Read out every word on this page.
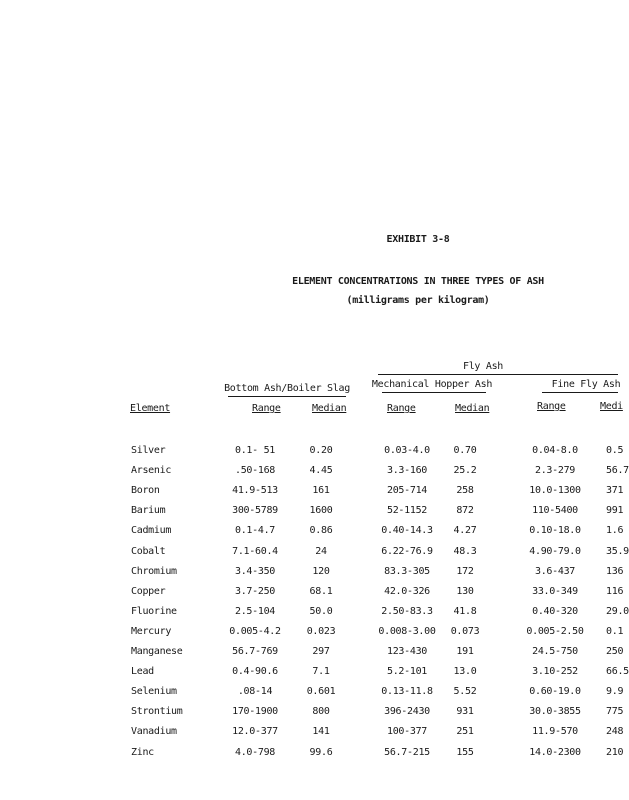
EXHIBIT 3-8
ELEMENT CONCENTRATIONS IN THREE TYPES OF ASH
(milligrams per kilogram)
Fly Ash
Bottom Ash/Boiler Slag Mechanical Hopper Ash	Fine Fly Ash
Element	Range	Median	Range	Median	Range	Medi
Silver	0.1- 51	0.20	0.03-4.0 0.70	0.04-8.0	0.5
Arsenic	.50-168	4.45	3.3-160	25.2	2.3-279	56.7
Boron	41.9-513	161	205-714	258	10.0-1300	371
Barium	300-5789	1600	52-1152	872	110-5400	991
Cadmium	0.1-4.7	0.86	0.40-14.3 4.27	0.10-18.0	1.6
Cobalt	7.1-60.4	24	6.22-76.9 48.3	4.90-79.0	35.9
Chromium	3.4-350	120	83.3-305	172	3.6-437	136
Copper	3.7-250	68.1	42.0-326	130	33.0-349	116
Fluorine	2.5-104	50.0	2.50-83.3 41.8	0.40-320	29.0
Mercury	0.005-4.2	0.023	0.008-3.00 0.073	0.005-2.50 0.1
Manganese	56.7-769	297	123-430	191	24.5-750	250
Lead	0.4-90.6	7.1	5.2-101	13.0	3.10-252	66.5
Selenium	.08-14	0.601	0.13-11.8 5.52	0.60-19.0	9.9
Strontium	170-1900	800	396-2430	931	30.0-3855	775
Vanadium	12.0-377	141	100-377	251	11.9-570	248
Zinc	4.0-798	99.6	56.7-215	155	14.0-2300	210
